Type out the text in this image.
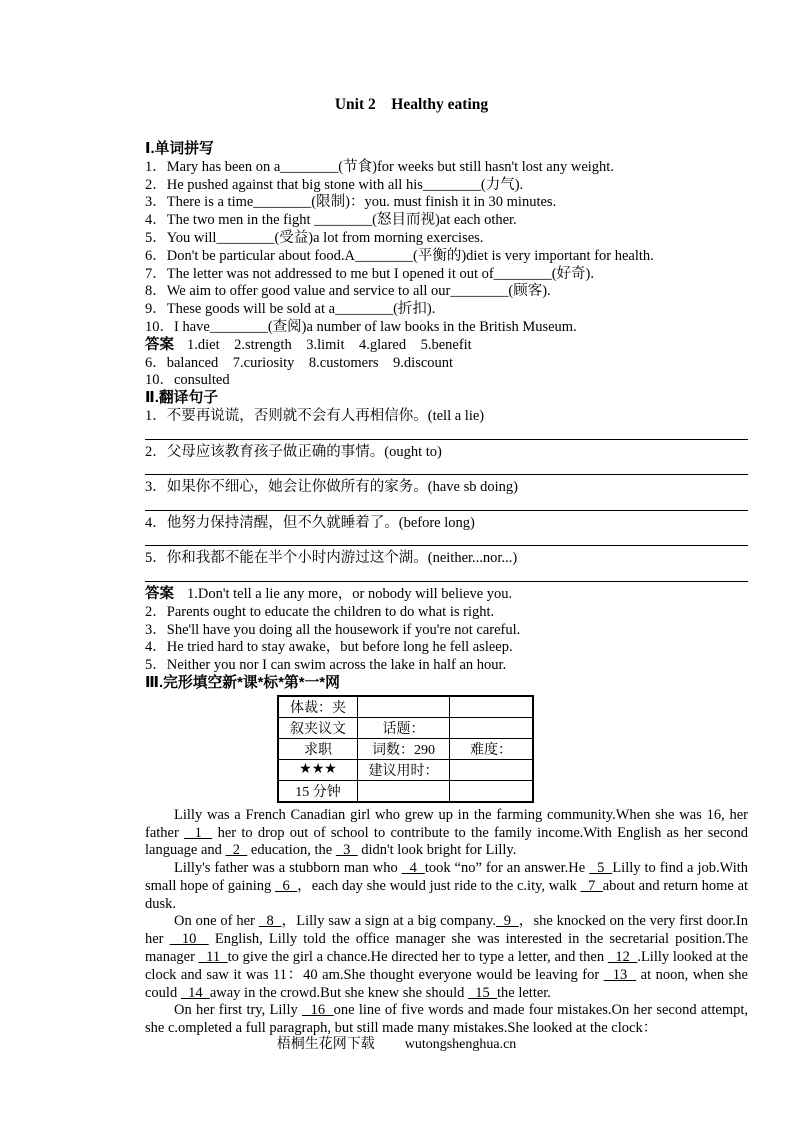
Unit 2　Healthy eating
Ⅰ.单词拼写
1．Mary has been on a________(节食)for weeks but still hasn't lost any weight.
2．He pushed against that big stone with all his________(力气).
3．There is a time________(限制)：you. must finish it in 30 minutes.
4．The two men in the fight ________(怒目而视)at each other.
5．You will________(受益)a lot from morning exercises.
6．Don't be particular about food.A________(平衡的)diet is very important for health.
7．The letter was not addressed to me but I opened it out of________(好奇).
8．We aim to offer good value and service to all our________(顾客).
9．These goods will be sold at a________(折扣).
10．I have________(查阅)a number of law books in the British Museum.
答案 1.diet　2.strength　3.limit　4.glared　5.benefit
6．balanced　7.curiosity　8.customers　9.discount
10．consulted
Ⅱ.翻译句子
1．不要再说谎，否则就不会有人再相信你。(tell a lie)
2．父母应该教育孩子做正确的事情。(ought to)
3．如果你不细心，她会让你做所有的家务。(have sb doing)
4．他努力保持清醒，但不久就睡着了。(before long)
5．你和我都不能在半个小时内游过这个湖。(neither...nor...)
答案 1.Don't tell a lie any more，or nobody will believe you.
2．Parents ought to educate the children to do what is right.
3．She'll have you doing all the housework if you're not careful.
4．He tried hard to stay awake，but before long he fell asleep.
5．Neither you nor I can swim across the lake in half an hour.
Ⅲ.完形填空新*课*标*第*一*网
体裁：夹		
叙夹议文	话题：	
求职	词数：290	难度：
★★★	建议用时：	
15 分钟		

Lilly was a French Canadian girl who grew up in the farming community.When she was 16, her father   1   her to drop out of school to contribute to the family income.With English as her second language and   2   education, the   3   didn't look bright for Lilly.

Lilly's father was a stubborn man who   4  took “no” for an answer.He   5  Lilly to find a job.With small hope of gaining   6  ，each day she would just ride to the c.ity, walk   7  about and return home at dusk.

On one of her   8  ，Lilly saw a sign at a big company.  9  ，she knocked on the very first door.In her   10   English, Lilly told the office manager she was interested in the secretarial position.The manager   11  to give the girl a chance.He directed her to type a letter, and then   12  .Lilly looked at the clock and saw it was 11：40 am.She thought everyone would be leaving for   13   at noon, when she could   14  away in the crowd.But she knew she should   15  the letter.

On her first try, Lilly   16  one line of five words and made four mistakes.On her second attempt, she c.ompleted a full paragraph, but still made many mistakes.She looked at the clock：

梧桐生花网下载 wutongshenghua.cn
